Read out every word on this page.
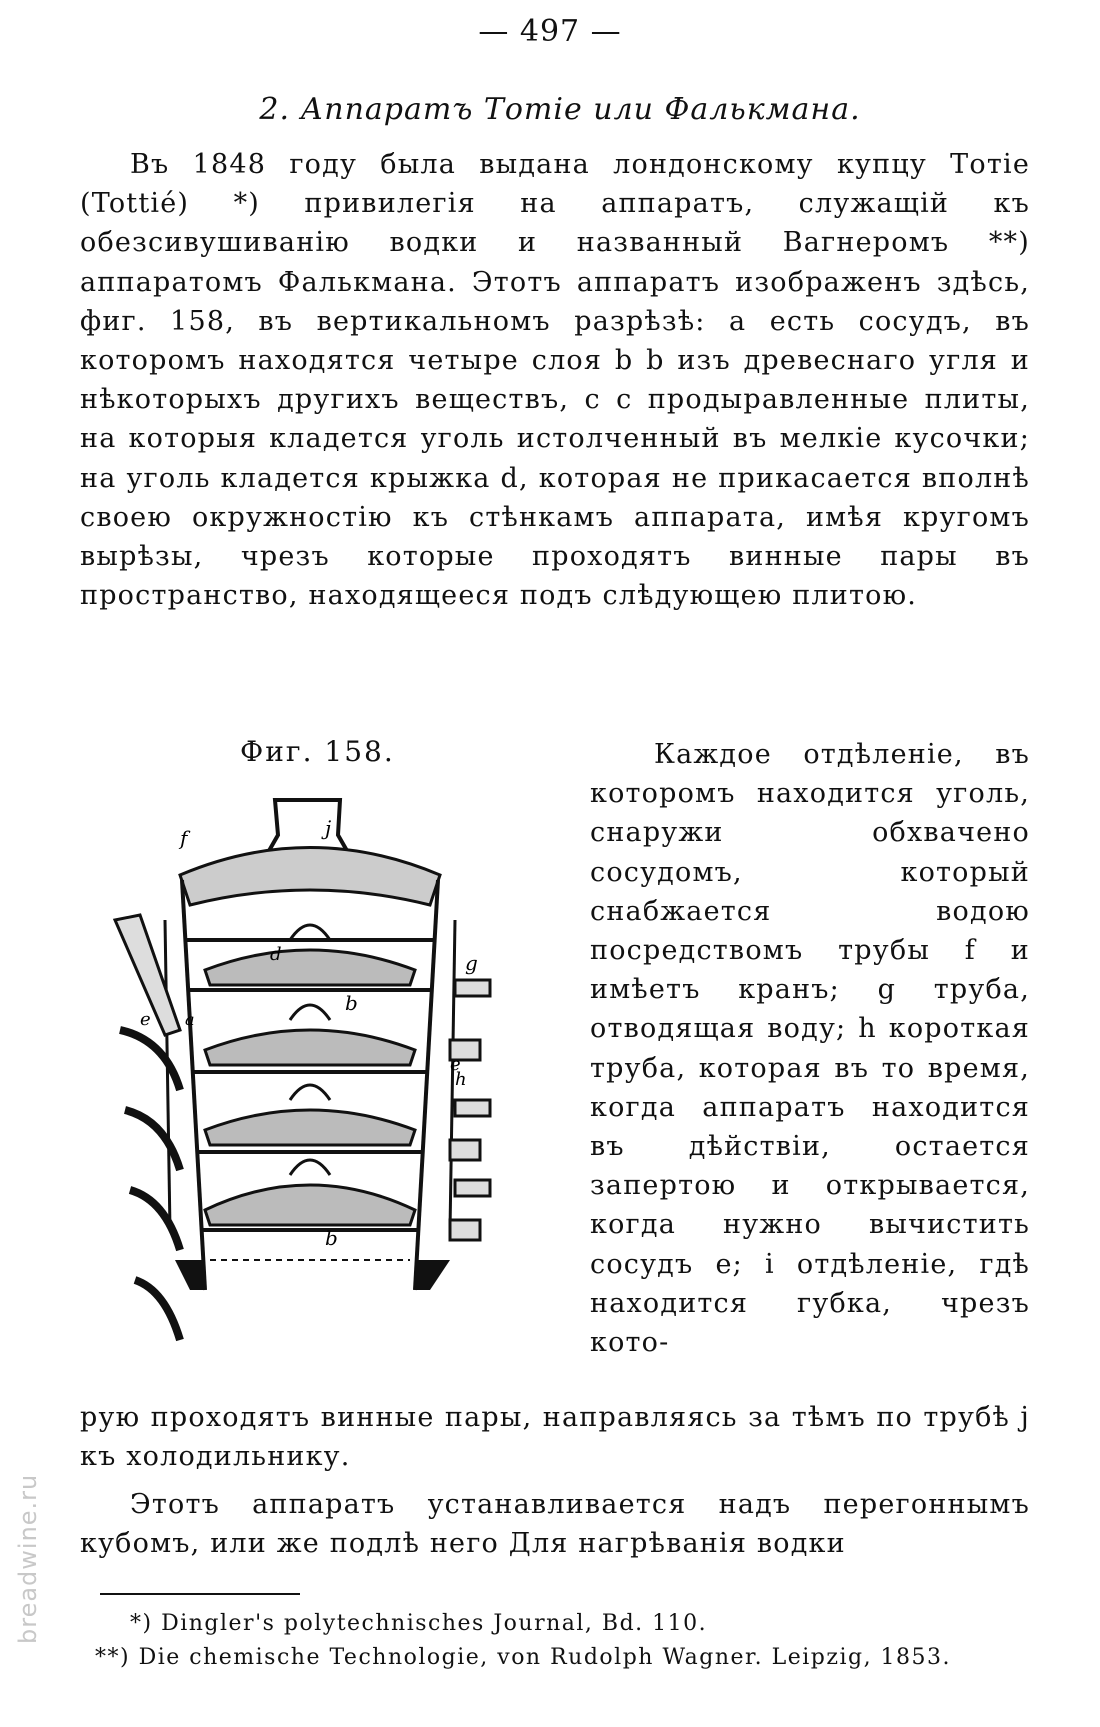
— 497 —
2. Аппаратъ Тотіе или Фалькмана.
Въ 1848 году была выдана лондонскому купцу Тотіе (Tottié) *) привилегія на аппаратъ, служащій къ обезсивушиванію водки и названный Вагнеромъ **) аппаратомъ Фалькмана. Этотъ аппаратъ изображенъ здѣсь, фиг. 158, въ вертикальномъ разрѣзѣ: a есть сосудъ, въ которомъ находятся четыре слоя b b изъ древеснаго угля и нѣкоторыхъ другихъ веществъ, c c продыравленные плиты, на которыя кладется уголь истолченный въ мелкіе кусочки; на уголь кладется крыжка d, которая не прикасается вполнѣ своею окружностію къ стѣнкамъ аппарата, имѣя кругомъ вырѣзы, чрезъ которые проходятъ винные пары въ пространство, находящееся подъ слѣдующею плитою.
Фиг. 158.
f	j
d	g
e
b
a
e
h
b
Каждое отдѣленіе, въ которомъ находится уголь, снаружи обхвачено сосудомъ, который снабжается водою посредствомъ трубы f и имѣетъ кранъ; g труба, отводящая воду; h короткая труба, которая въ то время, когда аппаратъ находится въ дѣйствіи, остается запертою и открывается, когда нужно вычистить сосудъ e; i отдѣленіе, гдѣ находится губка, чрезъ кото-
рую проходятъ винные пары, направляясь за тѣмъ по трубѣ j къ холодильнику.
Этотъ аппаратъ устанавливается надъ перегоннымъ кубомъ, или же подлѣ него Для нагрѣванія водки
*) Dingler's polytechnisches Journal, Bd. 110.
**) Die chemische Technologie, von Rudolph Wagner. Leipzig, 1853.
breadwine.ru
